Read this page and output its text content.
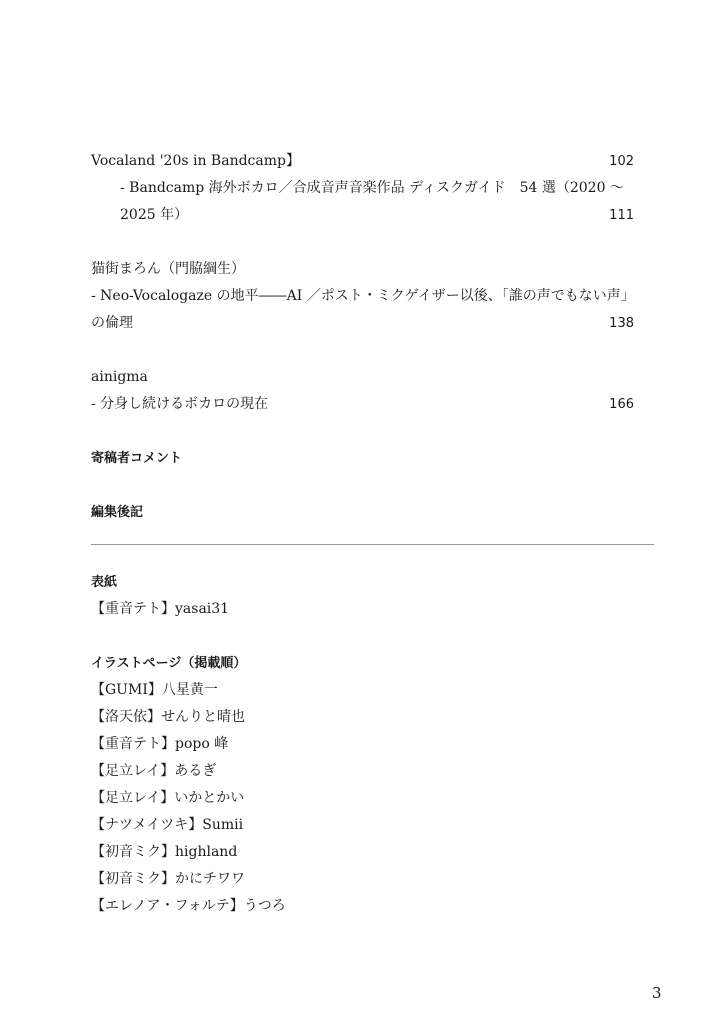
Vocaland '20s in Bandcamp】	102
- Bandcamp 海外ボカロ／合成音声音楽作品 ディスクガイド　54 選（2020 〜
2025 年）	111
猫街まろん（門脇綱生）
- Neo-Vocalogaze の地平――AI ／ポスト・ミクゲイザー以後、「誰の声でもない声」
の倫理	138
ainigma
- 分身し続けるボカロの現在	166
寄稿者コメント
編集後記
表紙
【重音テト】yasai31
イラストページ（掲載順）
【GUMI】八星黄一
【洛天依】せんりと晴也
【重音テト】popo 峰
【足立レイ】あるぎ
【足立レイ】いかとかい
【ナツメイツキ】Sumii
【初音ミク】highland
【初音ミク】かにチワワ
【エレノア・フォルテ】うつろ
3
